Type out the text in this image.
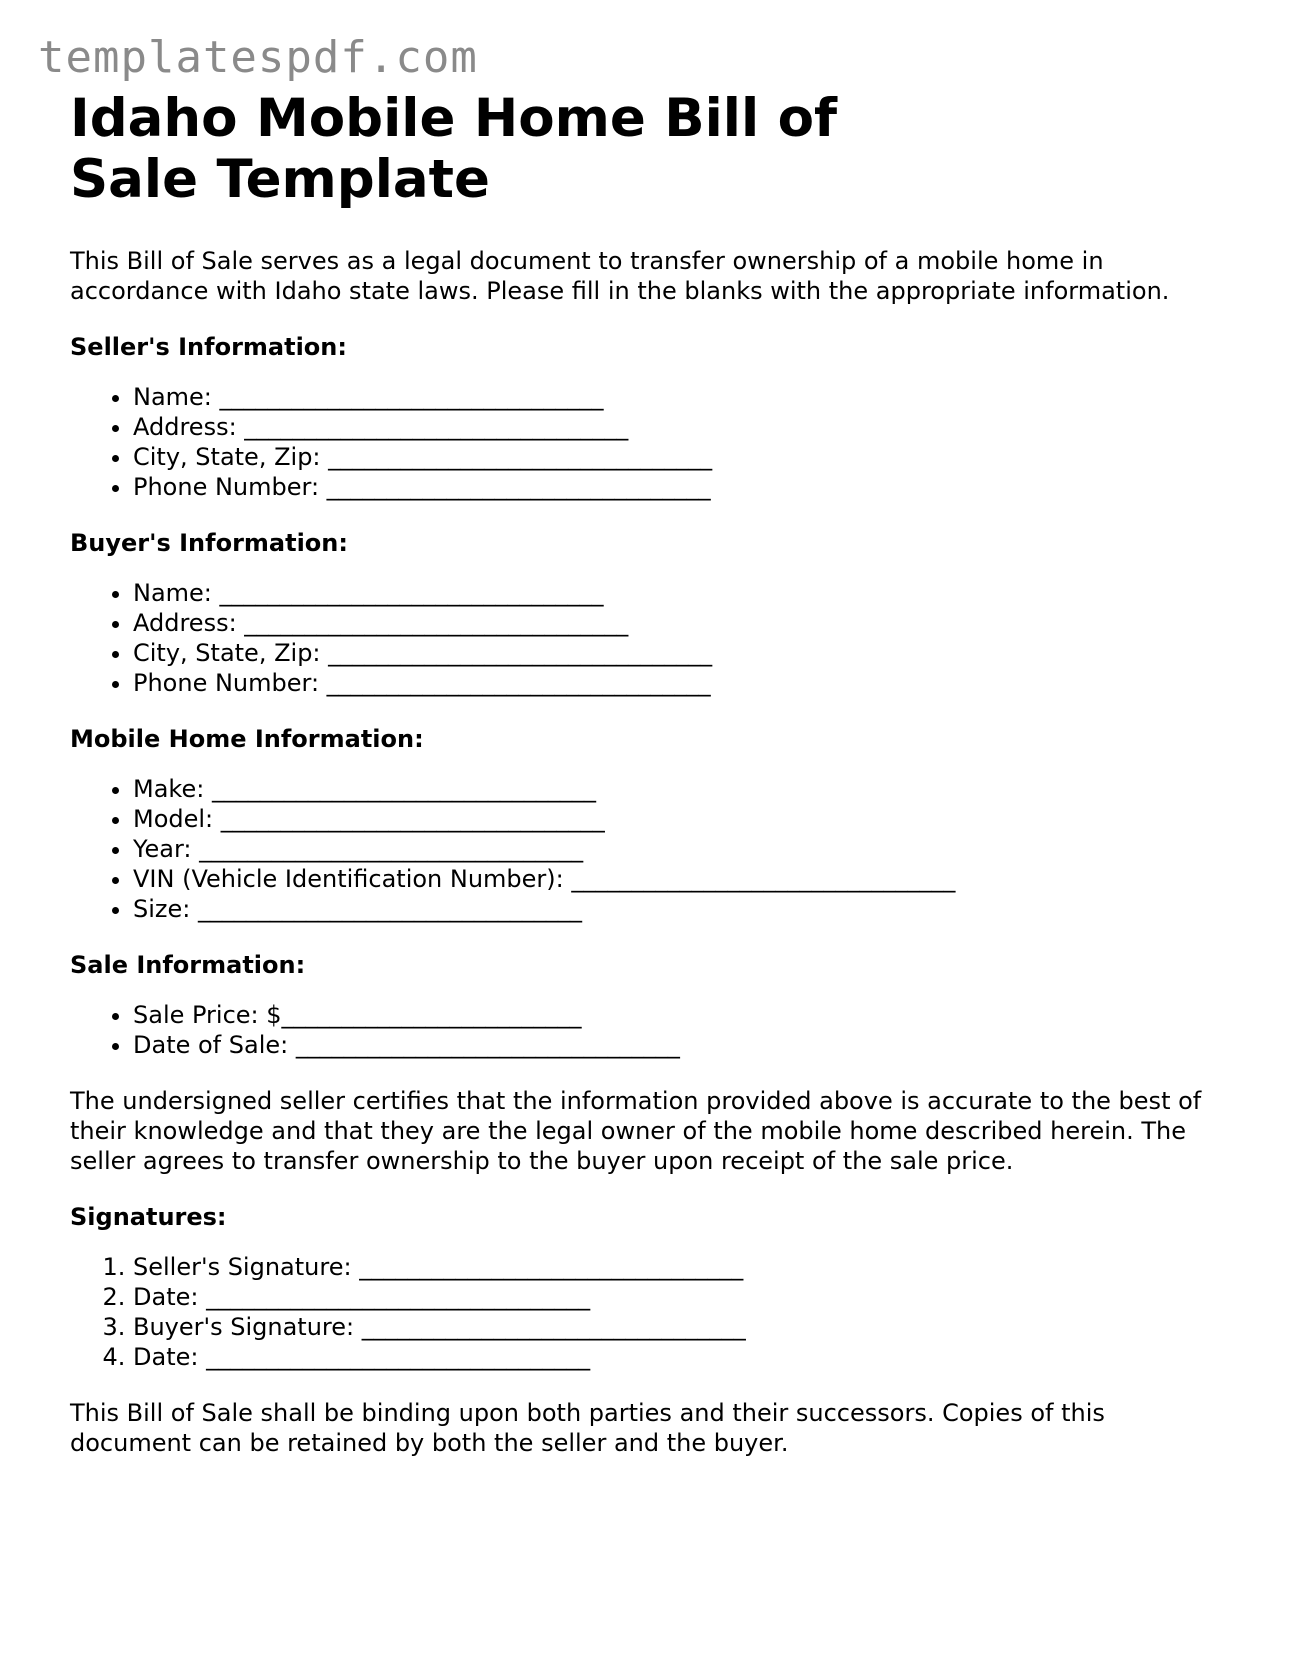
templatespdf.com
Idaho Mobile Home Bill of Sale Template

This Bill of Sale serves as a legal document to transfer ownership of a mobile home in accordance with Idaho state laws. Please fill in the blanks with the appropriate information.

Seller's Information:
• Name: ________________________________
• Address: ________________________________
• City, State, Zip: ________________________________
• Phone Number: ________________________________
Buyer's Information:
• Name: ________________________________
• Address: ________________________________
• City, State, Zip: ________________________________
• Phone Number: ________________________________
Mobile Home Information:
• Make: ________________________________
• Model: ________________________________
• Year: ________________________________
• VIN (Vehicle Identification Number): ________________________________
• Size: ________________________________
Sale Information:
• Sale Price: $_________________________
• Date of Sale: ________________________________

The undersigned seller certifies that the information provided above is accurate to the best of their knowledge and that they are the legal owner of the mobile home described herein. The seller agrees to transfer ownership to the buyer upon receipt of the sale price.

Signatures:
1. Seller's Signature: ________________________________
2. Date: ________________________________
3. Buyer's Signature: ________________________________
4. Date: ________________________________

This Bill of Sale shall be binding upon both parties and their successors. Copies of this document can be retained by both the seller and the buyer.
